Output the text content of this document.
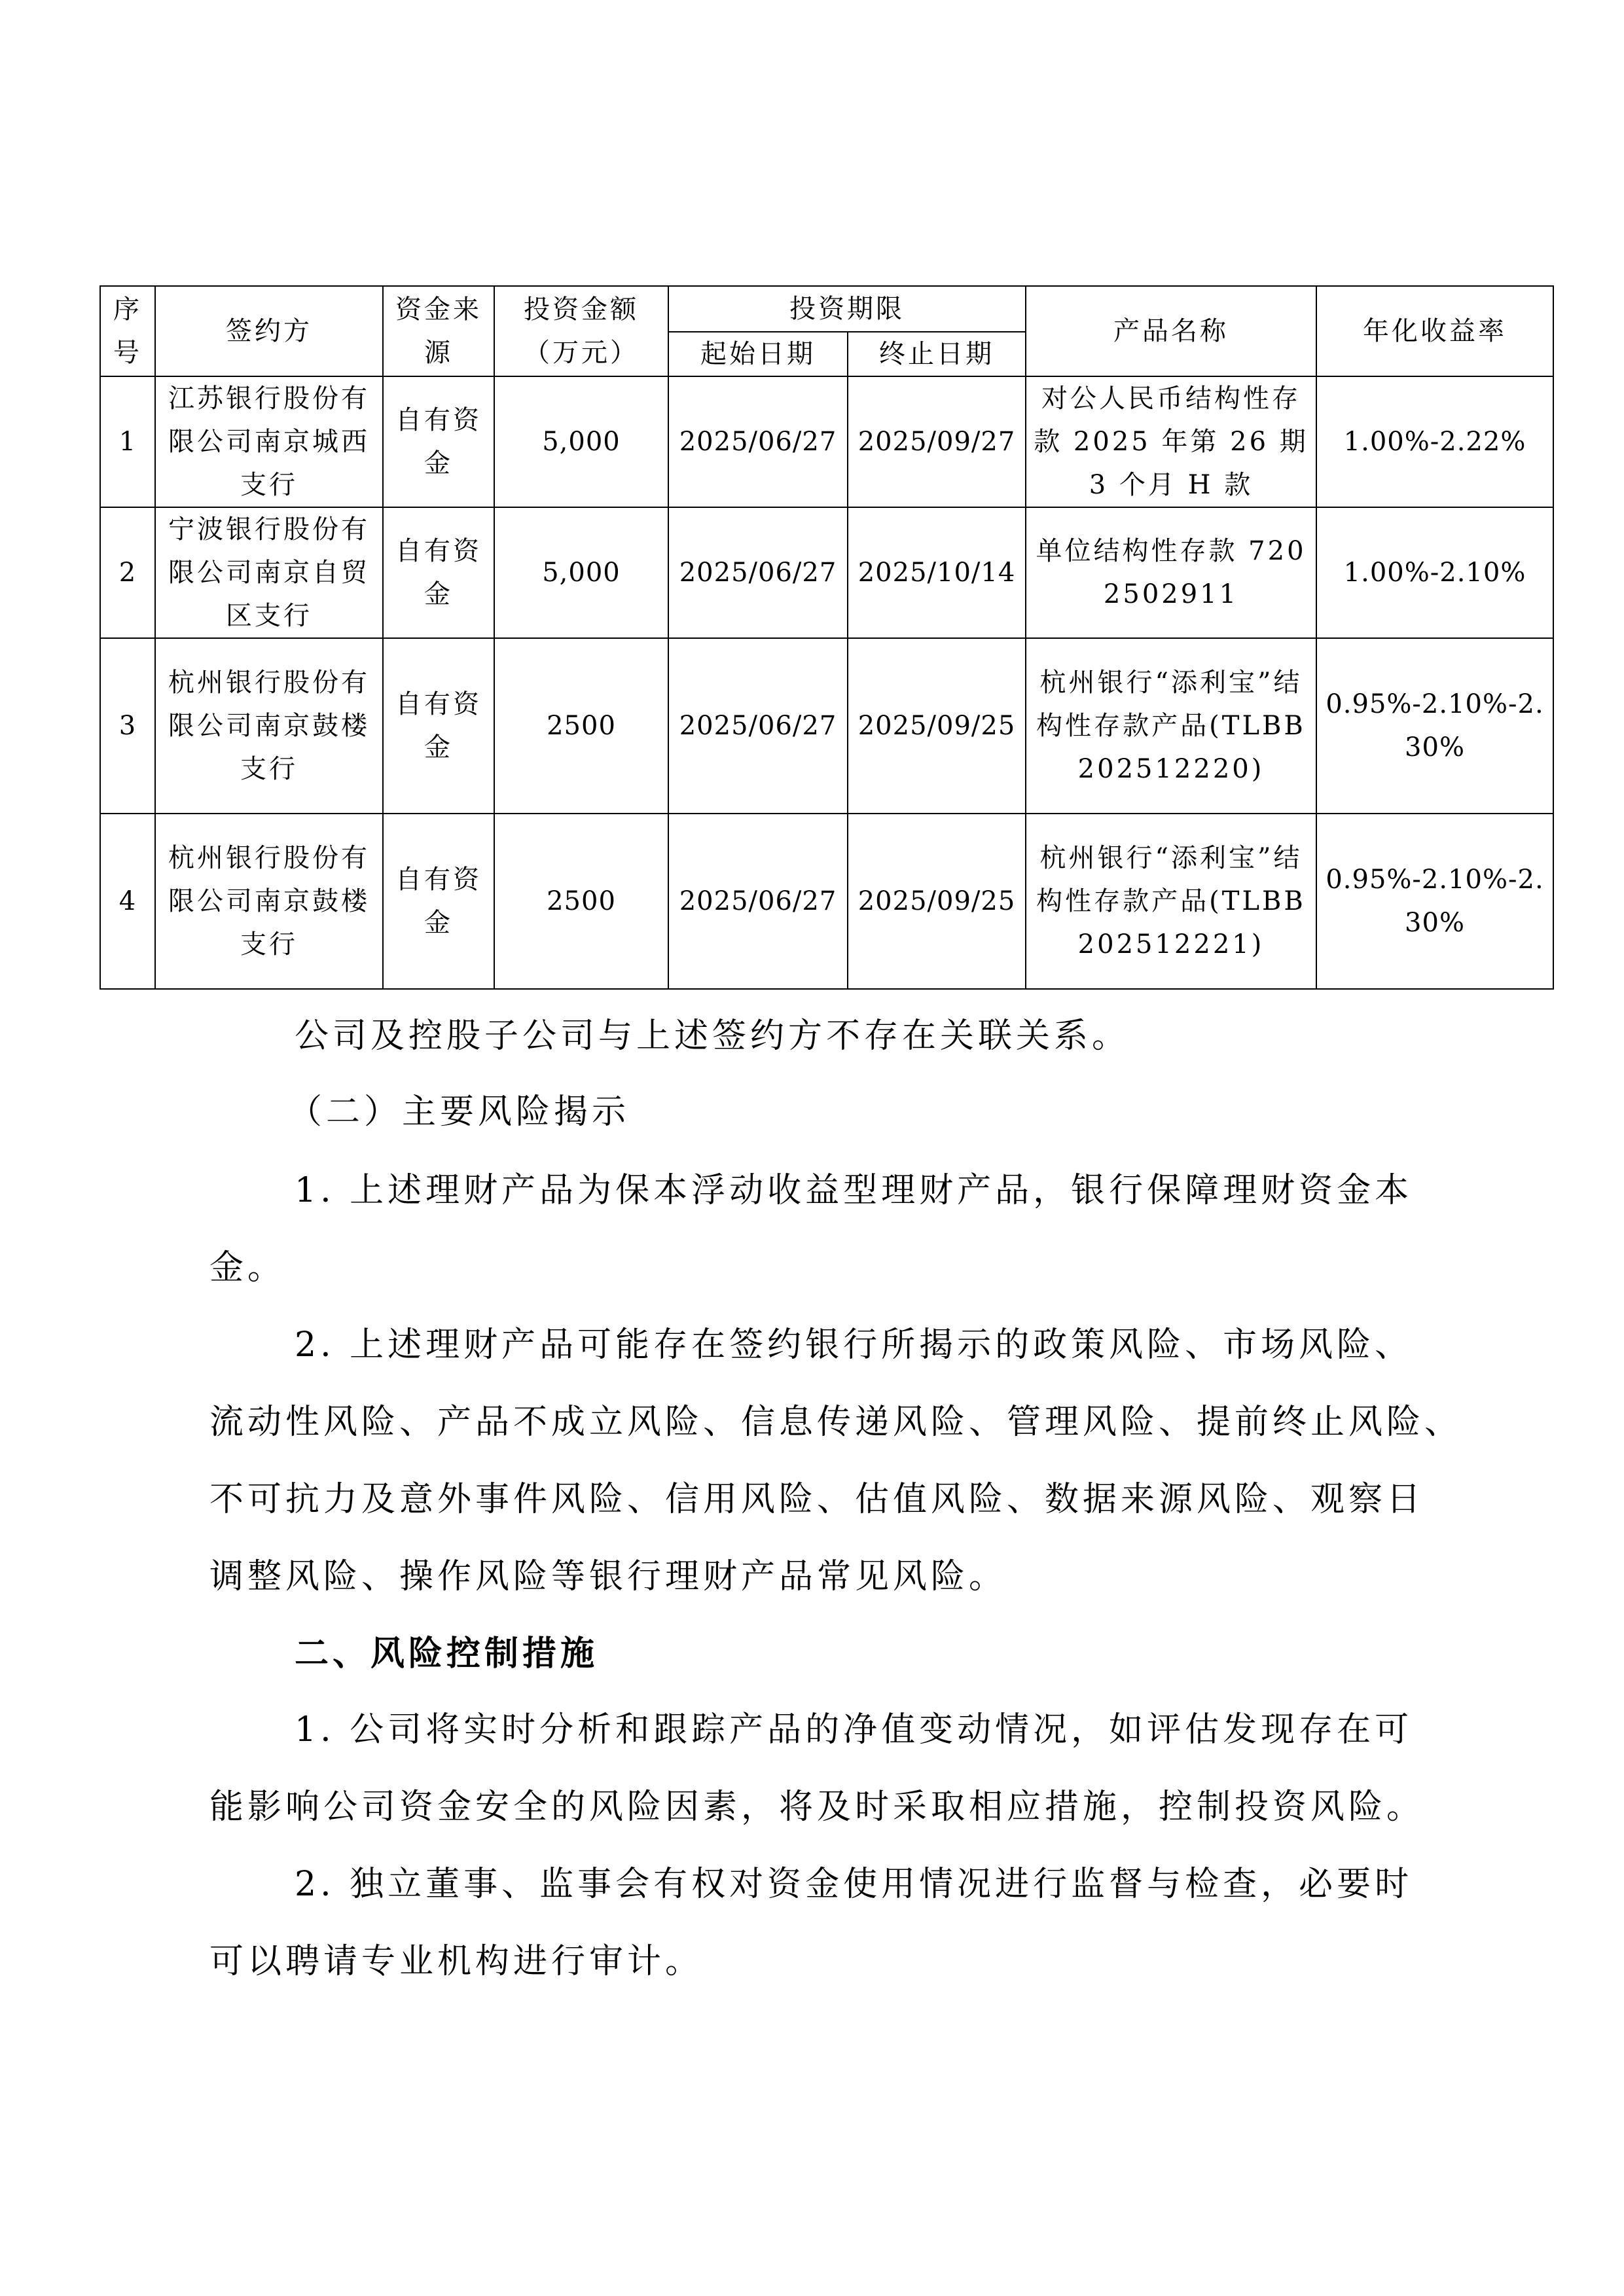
序号	签约方	资金来源	投资金额（万元）	投资期限		产品名称	年化收益率
				起始日期	终止日期		
1	江苏银行股份有限公司南京城西支行	自有资金	5,000	2025/06/27	2025/09/27	对公人民币结构性存款 2025 年第 26 期 3 个月 H 款	1.00%-2.22%
2	宁波银行股份有限公司南京自贸区支行	自有资金	5,000	2025/06/27	2025/10/14	单位结构性存款 7202502911	1.00%-2.10%
3	杭州银行股份有限公司南京鼓楼支行	自有资金	2500	2025/06/27	2025/09/25	杭州银行“添利宝”结构性存款产品(TLBB202512220)	0.95%-2.10%-2.30%
4	杭州银行股份有限公司南京鼓楼支行	自有资金	2500	2025/06/27	2025/09/25	杭州银行“添利宝”结构性存款产品(TLBB202512221)	0.95%-2.10%-2.30%

公司及控股子公司与上述签约方不存在关联关系。

（二）主要风险揭示

1. 上述理财产品为保本浮动收益型理财产品，银行保障理财资金本
金。
2. 上述理财产品可能存在签约银行所揭示的政策风险、市场风险、
流动性风险、产品不成立风险、信息传递风险、管理风险、提前终止风险、
不可抗力及意外事件风险、信用风险、估值风险、数据来源风险、观察日
调整风险、操作风险等银行理财产品常见风险。

二、风险控制措施

1. 公司将实时分析和跟踪产品的净值变动情况，如评估发现存在可
能影响公司资金安全的风险因素，将及时采取相应措施，控制投资风险。
2. 独立董事、监事会有权对资金使用情况进行监督与检查，必要时
可以聘请专业机构进行审计。
